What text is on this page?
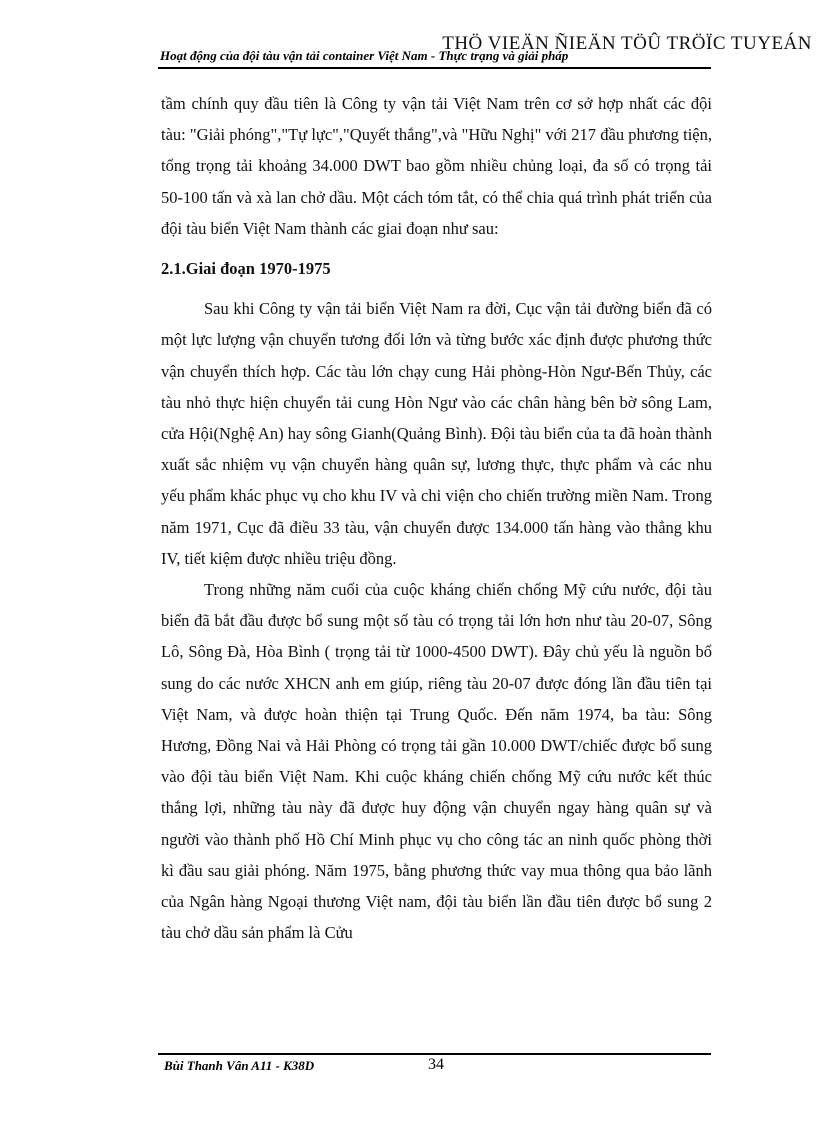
THÖ VIEÄN ÑIEÄN TÖÛ TRÖÏC TUYEÁN
Hoạt động của đội tàu vận tải container Việt Nam - Thực trạng và giải pháp

tầm chính quy đầu tiên là Công ty vận tải Việt Nam trên cơ sở hợp nhất các đội tàu: "Giải phóng","Tự lực","Quyết thắng",và "Hữu Nghị" với 217 đầu phương tiện, tổng trọng tải khoảng 34.000 DWT bao gồm nhiều chủng loại, đa số có trọng tải 50-100 tấn và xà lan chở dầu. Một cách tóm tắt, có thể chia quá trình phát triển của đội tàu biển Việt Nam thành các giai đoạn như sau:

2.1.Giai đoạn 1970-1975

Sau khi Công ty vận tải biển Việt Nam ra đời, Cục vận tải đường biển đã có một lực lượng vận chuyển tương đối lớn và từng bước xác định được phương thức vận chuyển thích hợp. Các tàu lớn chạy cung Hải phòng-Hòn Ngư-Bến Thủy, các tàu nhỏ thực hiện chuyển tải cung Hòn Ngư vào các chân hàng bên bờ sông Lam, cửa Hội(Nghệ An) hay sông Gianh(Quảng Bình). Đội tàu biển của ta đã hoàn thành xuất sắc nhiệm vụ vận chuyển hàng quân sự, lương thực, thực phẩm và các nhu yếu phẩm khác phục vụ cho khu IV và chi viện cho chiến trường miền Nam. Trong năm 1971, Cục đã điều 33 tàu, vận chuyển được 134.000 tấn hàng vào thẳng khu IV, tiết kiệm được nhiều triệu đồng.

Trong những năm cuối của cuộc kháng chiến chống Mỹ cứu nước, đội tàu biển đã bắt đầu được bổ sung một số tàu có trọng tải lớn hơn như tàu 20-07, Sông Lô, Sông Đà, Hòa Bình ( trọng tải từ 1000-4500 DWT). Đây chủ yếu là nguồn bổ sung do các nước XHCN anh em giúp, riêng tàu 20-07 được đóng lần đầu tiên tại Việt Nam, và được hoàn thiện tại Trung Quốc. Đến năm 1974, ba tàu: Sông Hương, Đồng Nai và Hải Phòng có trọng tải gần 10.000 DWT/chiếc được bổ sung vào đội tàu biển Việt Nam. Khi cuộc kháng chiến chống Mỹ cứu nước kết thúc thắng lợi, những tàu này đã được huy động vận chuyển ngay hàng quân sự và người vào thành phố Hồ Chí Minh phục vụ cho công tác an ninh quốc phòng thời kì đầu sau giải phóng. Năm 1975, bằng phương thức vay mua thông qua bảo lãnh của Ngân hàng Ngoại thương Việt nam, đội tàu biển lần đầu tiên được bổ sung 2 tàu chở dầu sản phẩm là Cửu

Bùi Thanh Vân A11 - K38D	34
